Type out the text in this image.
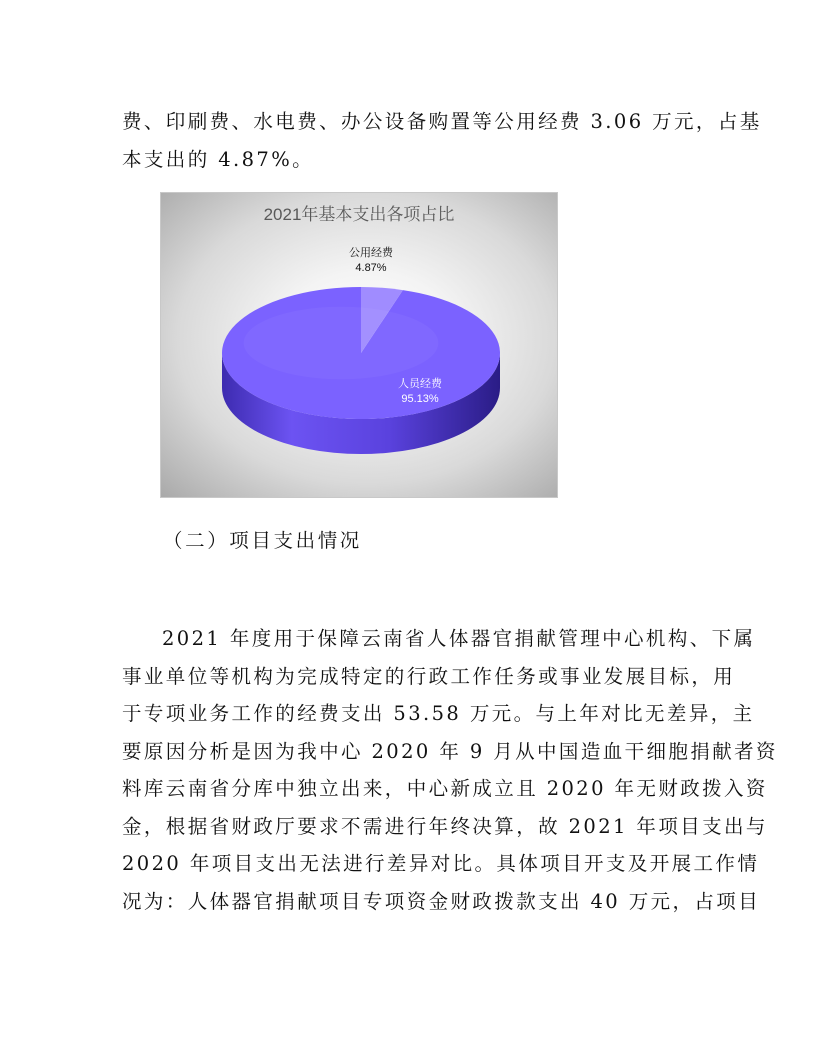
费、印刷费、水电费、办公设备购置等公用经费 3.06 万元，占基
本支出的 4.87%。
2021年基本支出各项占比
公用经费
4.87%
人员经费
95.13%
（二）项目支出情况
2021 年度用于保障云南省人体器官捐献管理中心机构、下属
事业单位等机构为完成特定的行政工作任务或事业发展目标，用
于专项业务工作的经费支出 53.58 万元。与上年对比无差异，主
要原因分析是因为我中心 2020 年 9 月从中国造血干细胞捐献者资
料库云南省分库中独立出来，中心新成立且 2020 年无财政拨入资
金，根据省财政厅要求不需进行年终决算，故 2021 年项目支出与
2020 年项目支出无法进行差异对比。具体项目开支及开展工作情
况为：人体器官捐献项目专项资金财政拨款支出 40 万元，占项目
